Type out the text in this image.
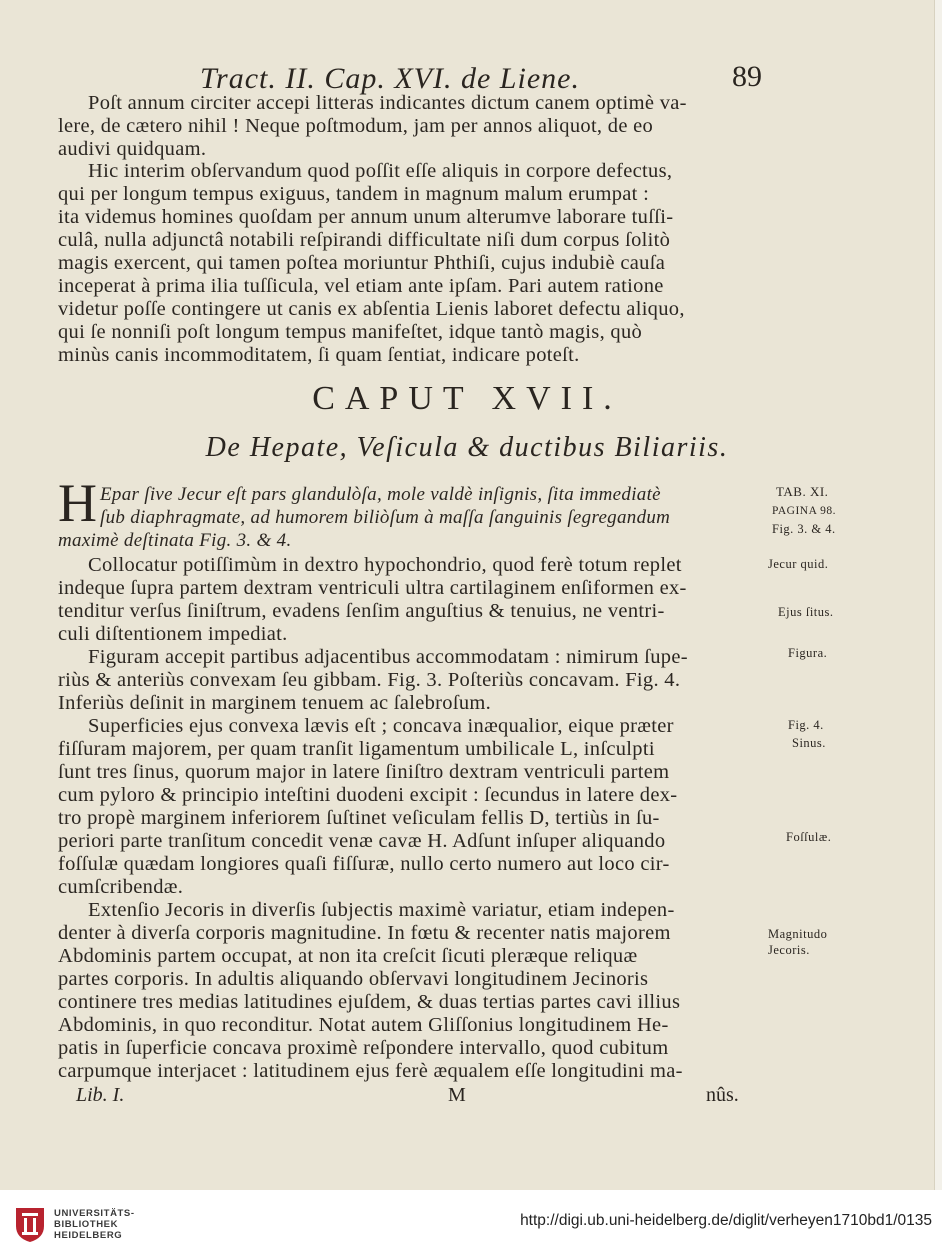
Tract. II. Cap. XVI. de Liene.	89
Poſt annum circiter accepi litteras indicantes dictum canem optimè va-
lere, de cætero nihil ! Neque poſtmodum, jam per annos aliquot, de eo
audivi quidquam.
Hic interim obſervandum quod poſſit eſſe aliquis in corpore defectus,
qui per longum tempus exiguus, tandem in magnum malum erumpat :
ita videmus homines quoſdam per annum unum alterumve laborare tuſſi-
culâ, nulla adjunctâ notabili reſpirandi difficultate niſi dum corpus ſolitò
magis exercent, qui tamen poſtea moriuntur Phthiſi, cujus indubiè cauſa
inceperat à prima ilia tuſſicula, vel etiam ante ipſam. Pari autem ratione
videtur poſſe contingere ut canis ex abſentia Lienis laboret defectu aliquo,
qui ſe nonniſi poſt longum tempus manifeſtet, idque tantò magis, quò
minùs canis incommoditatem, ſi quam ſentiat, indicare poteſt.
CAPUT XVII.
De Hepate, Veſicula & ductibus Biliariis.
H Epar ſive Jecur eſt pars glandulòſa, mole valdè inſignis, ſita immediatè
ſub diaphragmate, ad humorem biliòſum à maſſa ſanguinis ſegregandum
maximè deſtinata Fig. 3. & 4.
Collocatur potiſſimùm in dextro hypochondrio, quod ferè totum replet
indeque ſupra partem dextram ventriculi ultra cartilaginem enſiformen ex-
tenditur verſus ſiniſtrum, evadens ſenſim anguſtius & tenuius, ne ventri-
culi diſtentionem impediat.
Figuram accepit partibus adjacentibus accommodatam : nimirum ſupe-
riùs & anteriùs convexam ſeu gibbam. Fig. 3. Poſteriùs concavam. Fig. 4.
Inferiùs deſinit in marginem tenuem ac ſalebroſum.
Superficies ejus convexa lævis eſt ; concava inæqualior, eique præter
fiſſuram majorem, per quam tranſit ligamentum umbilicale L, inſculpti
ſunt tres ſinus, quorum major in latere ſiniſtro dextram ventriculi partem
cum pyloro & principio inteſtini duodeni excipit : ſecundus in latere dex-
tro propè marginem inferiorem ſuſtinet veſiculam fellis D, tertiùs in ſu-
periori parte tranſitum concedit venæ cavæ H. Adſunt inſuper aliquando
foſſulæ quædam longiores quaſi fiſſuræ, nullo certo numero aut loco cir-
cumſcribendæ.
Extenſio Jecoris in diverſis ſubjectis maximè variatur, etiam indepen-
denter à diverſa corporis magnitudine. In fœtu & recenter natis majorem
Abdominis partem occupat, at non ita creſcit ſicuti pleræque reliquæ
partes corporis. In adultis aliquando obſervavi longitudinem Jecinoris
continere tres medias latitudines ejuſdem, & duas tertias partes cavi illius
Abdominis, in quo reconditur. Notat autem Gliſſonius longitudinem He-
patis in ſuperficie concava proximè reſpondere intervallo, quod cubitum
carpumque interjacet : latitudinem ejus ferè æqualem eſſe longitudini ma-
TAB. XI.
PAGINA 98.
Fig. 3. & 4.
Jecur quid.
Ejus ſitus.
Figura.
Fig. 4.
Sinus.
Foſſulæ.
Magnitudo
Jecoris.
Lib. I.	M	nûs.
UNIVERSITÄTS-
BIBLIOTHEK
HEIDELBERG
http://digi.ub.uni-heidelberg.de/diglit/verheyen1710bd1/0135
